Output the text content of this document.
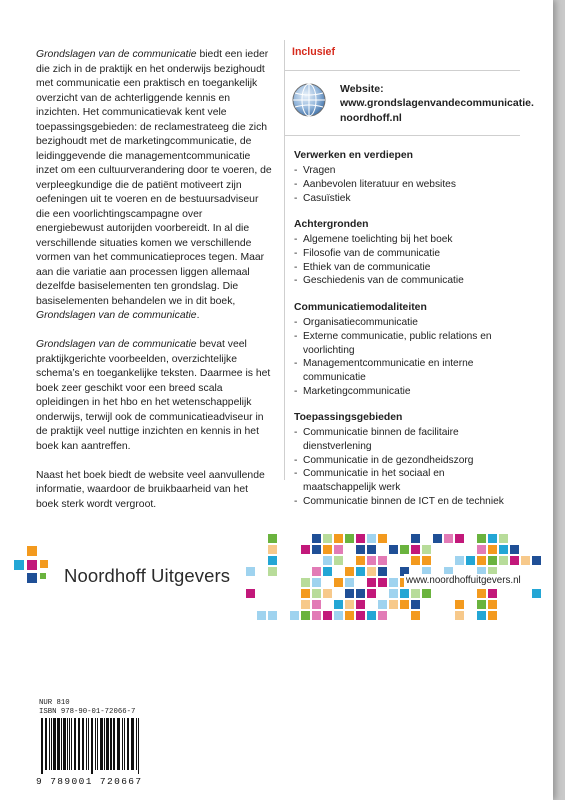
Grondslagen van de communicatie biedt een ieder die zich in de praktijk en het onderwijs bezighoudt met communicatie een praktisch en toegankelijk overzicht van de achterliggende kennis en inzichten. Het communicatievak kent vele toepassingsgebieden: de reclamestrateeg die zich bezighoudt met de marketingcommunicatie, de leidinggevende die managementcommunicatie inzet om een cultuurverandering door te voeren, de verpleegkundige die de patiënt motiveert zijn oefeningen uit te voeren en de bestuursadviseur die een voorlichtingscampagne over energiebewust autorijden voorbereidt. In al die verschillende situaties komen we verschillende vormen van het communicatieproces tegen. Maar aan die variatie aan processen liggen allemaal dezelfde basiselementen ten grondslag. Die basiselementen behandelen we in dit boek,
Grondslagen van de communicatie.

Grondslagen van de communicatie bevat veel praktijkgerichte voorbeelden, overzichtelijke schema’s en toegankelijke teksten. Daarmee is het boek zeer geschikt voor een breed scala opleidingen in het hbo en het wetenschappelijk onderwijs, terwijl ook de communicatieadviseur in de praktijk veel nuttige inzichten en kennis in het boek kan aantreffen.

Naast het boek biedt de website veel aanvullende informatie, waardoor de bruikbaarheid van het boek sterk wordt vergroot.

Inclusief
Website:
www.grondslagenvandecommunicatie.
noordhoff.nl
Verwerken en verdiepen
- Vragen
- Aanbevolen literatuur en websites
- Casuïstiek
Achtergronden
- Algemene toelichting bij het boek
- Filosofie van de communicatie
- Ethiek van de communicatie
- Geschiedenis van de communicatie
Communicatiemodaliteiten
- Organisatiecommunicatie
- Externe communicatie, public relations en voorlichting
- Managementcommunicatie en interne communicatie
- Marketingcommunicatie
Toepassingsgebieden
- Communicatie binnen de facilitaire dienstverlening
- Communicatie in de gezondheidszorg
- Communicatie in het sociaal en maatschappelijk werk
- Communicatie binnen de ICT en de techniek
Noordhoff Uitgevers	www.noordhoffuitgevers.nl
NUR 810
ISBN 978-90-01-72066-7
9 789001 720667
